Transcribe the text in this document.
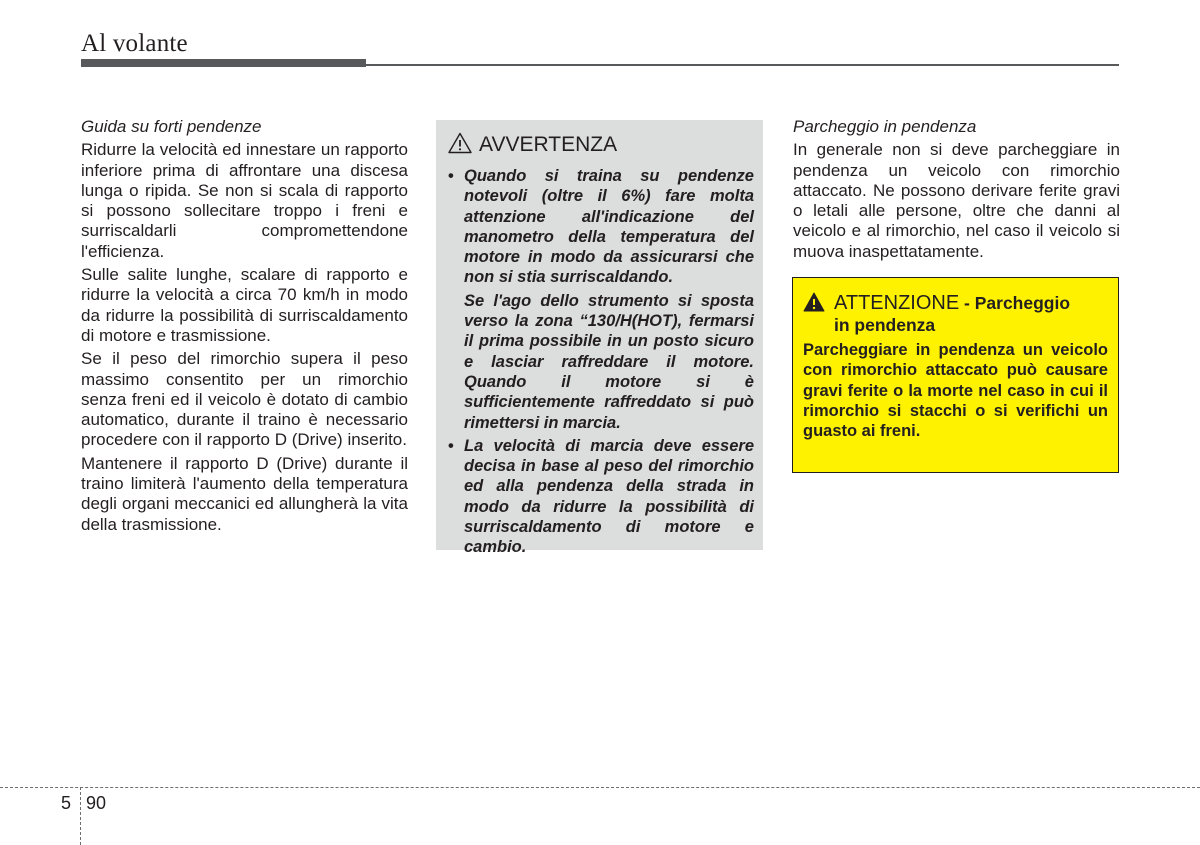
Al volante

Guida su forti pendenze

Ridurre la velocità ed innestare un rapporto inferiore prima di affrontare una discesa lunga o ripida. Se non si scala di rapporto si possono sollecitare troppo i freni e surriscaldarli compromettendone l'efficienza.

Sulle salite lunghe, scalare di rapporto e ridurre la velocità a circa 70 km/h in modo da ridurre la possibilità di surriscaldamento di motore e trasmissione.

Se il peso del rimorchio supera il peso massimo consentito per un rimorchio senza freni ed il veicolo è dotato di cambio automatico, durante il traino è necessario procedere con il rapporto D (Drive) inserito.

Mantenere il rapporto D (Drive) durante il traino limiterà l'aumento della temperatura degli organi meccanici ed allungherà la vita della trasmissione.

AVVERTENZA
• Quando si traina su pendenze notevoli (oltre il 6%) fare molta attenzione all'indicazione del manometro della temperatura del motore in modo da assicurarsi che non si stia surriscaldando.
Se l'ago dello strumento si sposta verso la zona “130/H(HOT), fermarsi il prima possibile in un posto sicuro e lasciar raffreddare il motore. Quando il motore si è sufficientemente raffreddato si può rimettersi in marcia.
• La velocità di marcia deve essere decisa in base al peso del rimorchio ed alla pendenza della strada in modo da ridurre la possibilità di surriscaldamento di motore e cambio.

Parcheggio in pendenza

In generale non si deve parcheggiare in pendenza un veicolo con rimorchio attaccato. Ne possono derivare ferite gravi o letali alle persone, oltre che danni al veicolo e al rimorchio, nel caso il veicolo si muova inaspettatamente.

ATTENZIONE - Parcheggio
in pendenza
Parcheggiare in pendenza un veicolo con rimorchio attaccato può causare gravi ferite o la morte nel caso in cui il rimorchio si stacchi o si verifichi un guasto ai freni.
5 90
